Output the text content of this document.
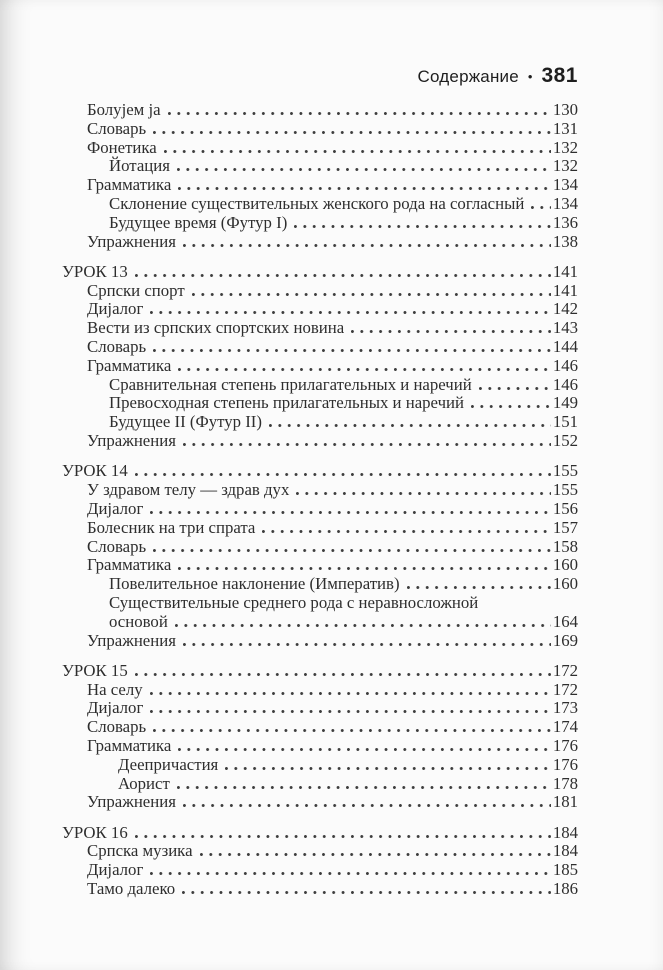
Содержание • 381
Болујем ја	130
Словарь	131
Фонетика	132
Йотация	132
Грамматика	134
Склонение существительных женского рода на согласный 134
Будущее время (Футур I)	136
Упражнения	138
УРОК 13	141
Српски спорт	141
Дијалог	142
Вести из српских спортских новина	143
Словарь	144
Грамматика	146
Сравнительная степень прилагательных и наречий	146
Превосходная степень прилагательных и наречий	149
Будущее II (Футур II)	151
Упражнения	152
УРОК 14	155
У здравом телу — здрав дух	155
Дијалог	156
Болесник на три спрата	157
Словарь	158
Грамматика	160
Повелительное наклонение (Императив)	160
Существительные среднего рода с неравносложной
основой	164
Упражнения	169
УРОК 15	172
На селу	172
Дијалог	173
Словарь	174
Грамматика	176
Деепричастия	176
Аорист	178
Упражнения	181
УРОК 16	184
Српска музика	184
Дијалог	185
Тамо далеко	186
